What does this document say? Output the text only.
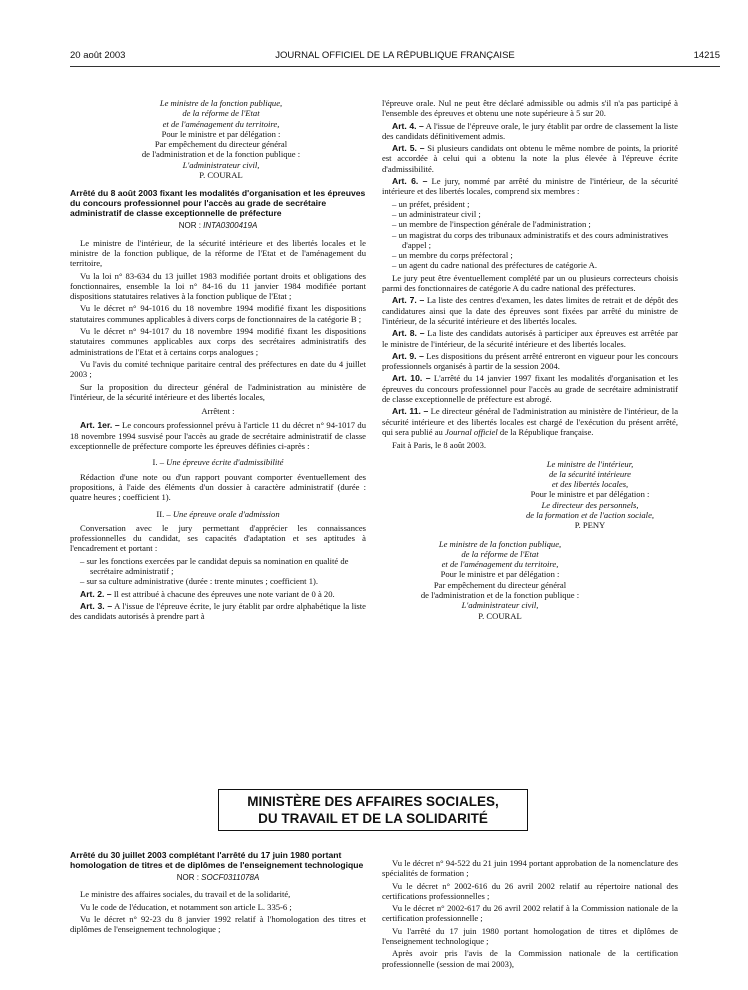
20 août 2003	JOURNAL OFFICIEL DE LA RÉPUBLIQUE FRANÇAISE	14215

Le ministre de la fonction publique,

de la réforme de l'Etat

et de l'aménagement du territoire,

Pour le ministre et par délégation :

Par empêchement du directeur général

de l'administration et de la fonction publique :

L'administrateur civil,

P. COURAL

Arrêté du 8 août 2003 fixant les modalités d'organisation et les épreuves du concours professionnel pour l'accès au grade de secrétaire administratif de classe exceptionnelle de préfecture
NOR : INTA0300419A

Le ministre de l'intérieur, de la sécurité intérieure et des libertés locales et le ministre de la fonction publique, de la réforme de l'Etat et de l'aménagement du territoire,

Vu la loi n° 83-634 du 13 juillet 1983 modifiée portant droits et obligations des fonctionnaires, ensemble la loi n° 84-16 du 11 janvier 1984 modifiée portant dispositions statutaires relatives à la fonction publique de l'Etat ;

Vu le décret n° 94-1016 du 18 novembre 1994 modifié fixant les dispositions statutaires communes applicables à divers corps de fonctionnaires de la catégorie B ;

Vu le décret n° 94-1017 du 18 novembre 1994 modifié fixant les dispositions statutaires communes applicables aux corps des secrétaires administratifs des administrations de l'Etat et à certains corps analogues ;

Vu l'avis du comité technique paritaire central des préfectures en date du 4 juillet 2003 ;

Sur la proposition du directeur général de l'administration au ministère de l'intérieur, de la sécurité intérieure et des libertés locales,

Arrêtent :

Art. 1er. – Le concours professionnel prévu à l'article 11 du décret n° 94-1017 du 18 novembre 1994 susvisé pour l'accès au grade de secrétaire administratif de classe exceptionnelle de préfecture comporte les épreuves définies ci-après :

I. – Une épreuve écrite d'admissibilité

Rédaction d'une note ou d'un rapport pouvant comporter éventuellement des propositions, à l'aide des éléments d'un dossier à caractère administratif (durée : quatre heures ; coefficient 1).

II. – Une épreuve orale d'admission

Conversation avec le jury permettant d'apprécier les connaissances professionnelles du candidat, ses capacités d'adaptation et ses aptitudes à l'encadrement et portant :

– sur les fonctions exercées par le candidat depuis sa nomination en qualité de secrétaire administratif ;
– sur sa culture administrative (durée : trente minutes ; coefficient 1).

Art. 2. – Il est attribué à chacune des épreuves une note variant de 0 à 20.

Art. 3. – A l'issue de l'épreuve écrite, le jury établit par ordre alphabétique la liste des candidats autorisés à prendre part à

l'épreuve orale. Nul ne peut être déclaré admissible ou admis s'il n'a pas participé à l'ensemble des épreuves et obtenu une note supérieure à 5 sur 20.

Art. 4. – A l'issue de l'épreuve orale, le jury établit par ordre de classement la liste des candidats définitivement admis.

Art. 5. – Si plusieurs candidats ont obtenu le même nombre de points, la priorité est accordée à celui qui a obtenu la note la plus élevée à l'épreuve écrite d'admissibilité.

Art. 6. – Le jury, nommé par arrêté du ministre de l'intérieur, de la sécurité intérieure et des libertés locales, comprend six membres :

– un préfet, président ;
– un administrateur civil ;
– un membre de l'inspection générale de l'administration ;
– un magistrat du corps des tribunaux administratifs et des cours administratives d'appel ;
– un membre du corps préfectoral ;
– un agent du cadre national des préfectures de catégorie A.

Le jury peut être éventuellement complété par un ou plusieurs correcteurs choisis parmi des fonctionnaires de catégorie A du cadre national des préfectures.

Art. 7. – La liste des centres d'examen, les dates limites de retrait et de dépôt des candidatures ainsi que la date des épreuves sont fixées par arrêté du ministre de l'intérieur, de la sécurité intérieure et des libertés locales.

Art. 8. – La liste des candidats autorisés à participer aux épreuves est arrêtée par le ministre de l'intérieur, de la sécurité intérieure et des libertés locales.

Art. 9. – Les dispositions du présent arrêté entreront en vigueur pour les concours professionnels organisés à partir de la session 2004.

Art. 10. – L'arrêté du 14 janvier 1997 fixant les modalités d'organisation et les épreuves du concours professionnel pour l'accès au grade de secrétaire administratif de classe exceptionnelle de préfecture est abrogé.

Art. 11. – Le directeur général de l'administration au ministère de l'intérieur, de la sécurité intérieure et des libertés locales est chargé de l'exécution du présent arrêté, qui sera publié au Journal officiel de la République française.

Fait à Paris, le 8 août 2003.

Le ministre de l'intérieur,

de la sécurité intérieure

et des libertés locales,

Pour le ministre et par délégation :

Le directeur des personnels,

de la formation et de l'action sociale,

P. PENY

Le ministre de la fonction publique,

de la réforme de l'Etat

et de l'aménagement du territoire,

Pour le ministre et par délégation :

Par empêchement du directeur général

de l'administration et de la fonction publique :

L'administrateur civil,

P. COURAL

MINISTÈRE DES AFFAIRES SOCIALES,
DU TRAVAIL ET DE LA SOLIDARITÉ
Arrêté du 30 juillet 2003 complétant l'arrêté du 17 juin 1980 portant homologation de titres et de diplômes de l'enseignement technologique
NOR : SOCF0311078A

Le ministre des affaires sociales, du travail et de la solidarité,

Vu le code de l'éducation, et notamment son article L. 335-6 ;

Vu le décret n° 92-23 du 8 janvier 1992 relatif à l'homologation des titres et diplômes de l'enseignement technologique ;

Vu le décret n° 94-522 du 21 juin 1994 portant approbation de la nomenclature des spécialités de formation ;

Vu le décret n° 2002-616 du 26 avril 2002 relatif au répertoire national des certifications professionnelles ;

Vu le décret n° 2002-617 du 26 avril 2002 relatif à la Commission nationale de la certification professionnelle ;

Vu l'arrêté du 17 juin 1980 portant homologation de titres et diplômes de l'enseignement technologique ;

Après avoir pris l'avis de la Commission nationale de la certification professionnelle (session de mai 2003),
